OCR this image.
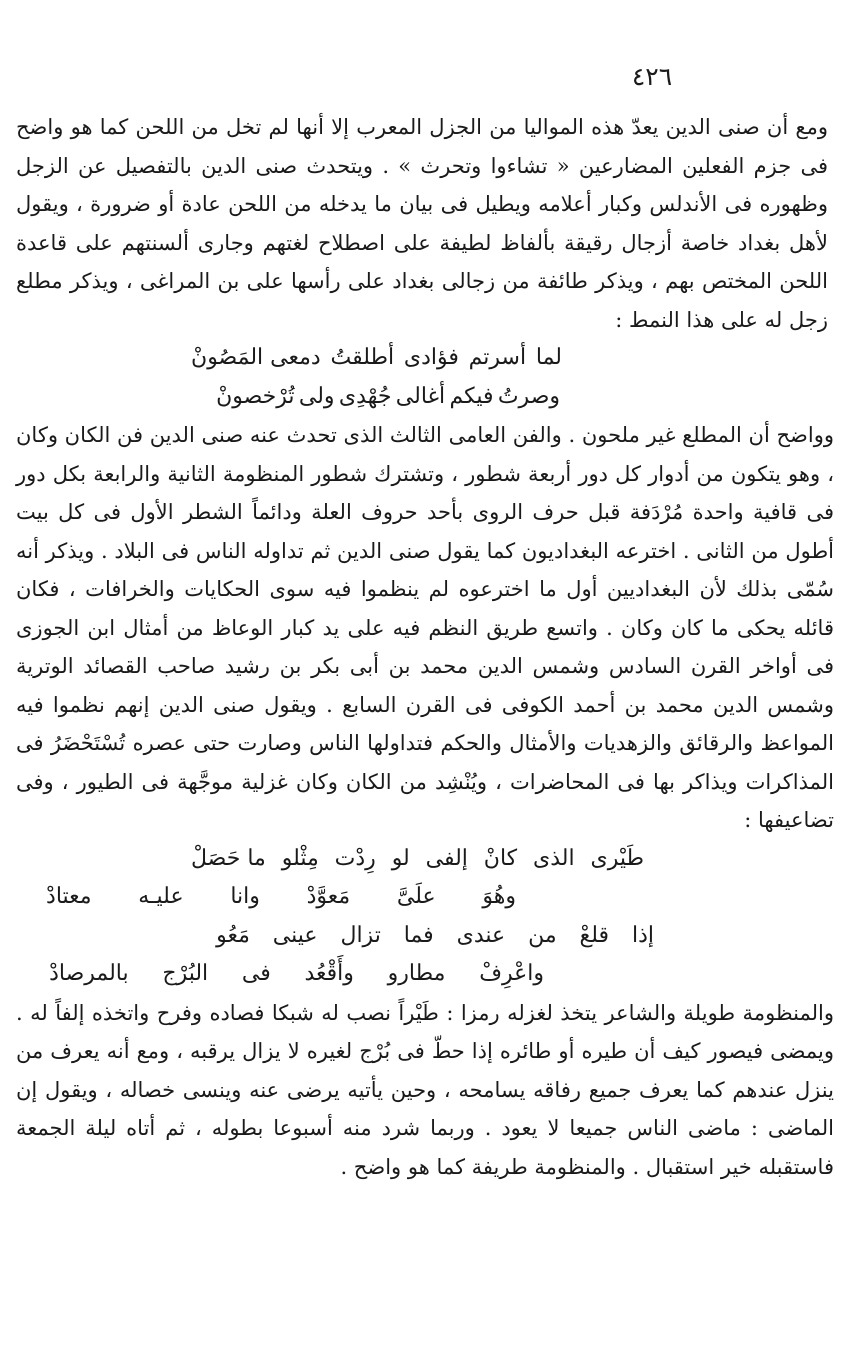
٤٢٦

ومع أن صنى الدين يعدّ هذه المواليا من الجزل المعرب إلا أنها لم تخل من اللحن كما هو واضح فى جزم الفعلين المضارعين « تشاءوا وتحرث » . ويتحدث صنى الدين بالتفصيل عن الزجل وظهوره فى الأندلس وكبار أعلامه ويطيل فى بيان ما يدخله من اللحن عادة أو ضرورة ، ويقول لأهل بغداد خاصة أزجال رقيقة بألفاظ لطيفة على اصطلاح لغتهم وجارى ألسنتهم على قاعدة اللحن المختص بهم ، ويذكر طائفة من زجالى بغداد على رأسها على بن المراغى ، ويذكر مطلع زجل له على هذا النمط :

لما
أسرتم
فؤادى
أطلقتُ
دمعى المَصُونْ
وصرتُ
فيكم
أغالى
جُهْدِى
ولى
تُرْخصونْ

وواضح أن المطلع غير ملحون . والفن العامى الثالث الذى تحدث عنه صنى الدين فن الكان وكان ، وهو يتكون من أدوار كل دور أربعة شطور ، وتشترك شطور المنظومة الثانية والرابعة بكل دور فى قافية واحدة مُرْدَفة قبل حرف الروى بأحد حروف العلة ودائماً الشطر الأول فى كل بيت أطول من الثانى . اخترعه البغداديون كما يقول صنى الدين ثم تداوله الناس فى البلاد . ويذكر أنه سُمّى بذلك لأن البغداديين أول ما اخترعوه لم ينظموا فيه سوى الحكايات والخرافات ، فكان قائله يحكى ما كان وكان . واتسع طريق النظم فيه على يد كبار الوعاظ من أمثال ابن الجوزى فى أواخر القرن السادس وشمس الدين محمد بن أبى بكر بن رشيد صاحب القصائد الوترية وشمس الدين محمد بن أحمد الكوفى فى القرن السابع . ويقول صنى الدين إنهم نظموا فيه المواعظ والرقائق والزهديات والأمثال والحكم فتداولها الناس وصارت حتى عصره تُسْتَحْضَرُ فى المذاكرات ويذاكر بها فى المحاضرات ، ويُنْشِد من الكان وكان غزلية موجَّهة فى الطيور ، وفى تضاعيفها :

طَيْرى
الذى
كانْ
إلفى
لو
رِدْت
مِثْلو
ما حَصَلْ
وهُوَ
علَىَّ
مَعوَّدْ
وانا
عليـه
معتادْ
إذا
قلعْ
من
عندى
فما
تزال
عينى
مَعُو
واعْرِفْ
مطارو
وأَقْعُد
فى
البُرْج
بالمرصادْ

والمنظومة طويلة والشاعر يتخذ لغزله رمزا : طَيْراً نصب له شبكا فصاده وفرح واتخذه إلفاً له . ويمضى فيصور كيف أن طيره أو طائره إذا حطّ فى بُرْج لغيره لا يزال يرقبه ، ومع أنه يعرف من ينزل عندهم كما يعرف جميع رفاقه يسامحه ، وحين يأتيه يرضى عنه وينسى خصاله ، ويقول إن الماضى : ماضى الناس جميعا لا يعود . وربما شرد منه أسبوعا بطوله ، ثم أتاه ليلة الجمعة فاستقبله خير استقبال . والمنظومة طريفة كما هو واضح .
